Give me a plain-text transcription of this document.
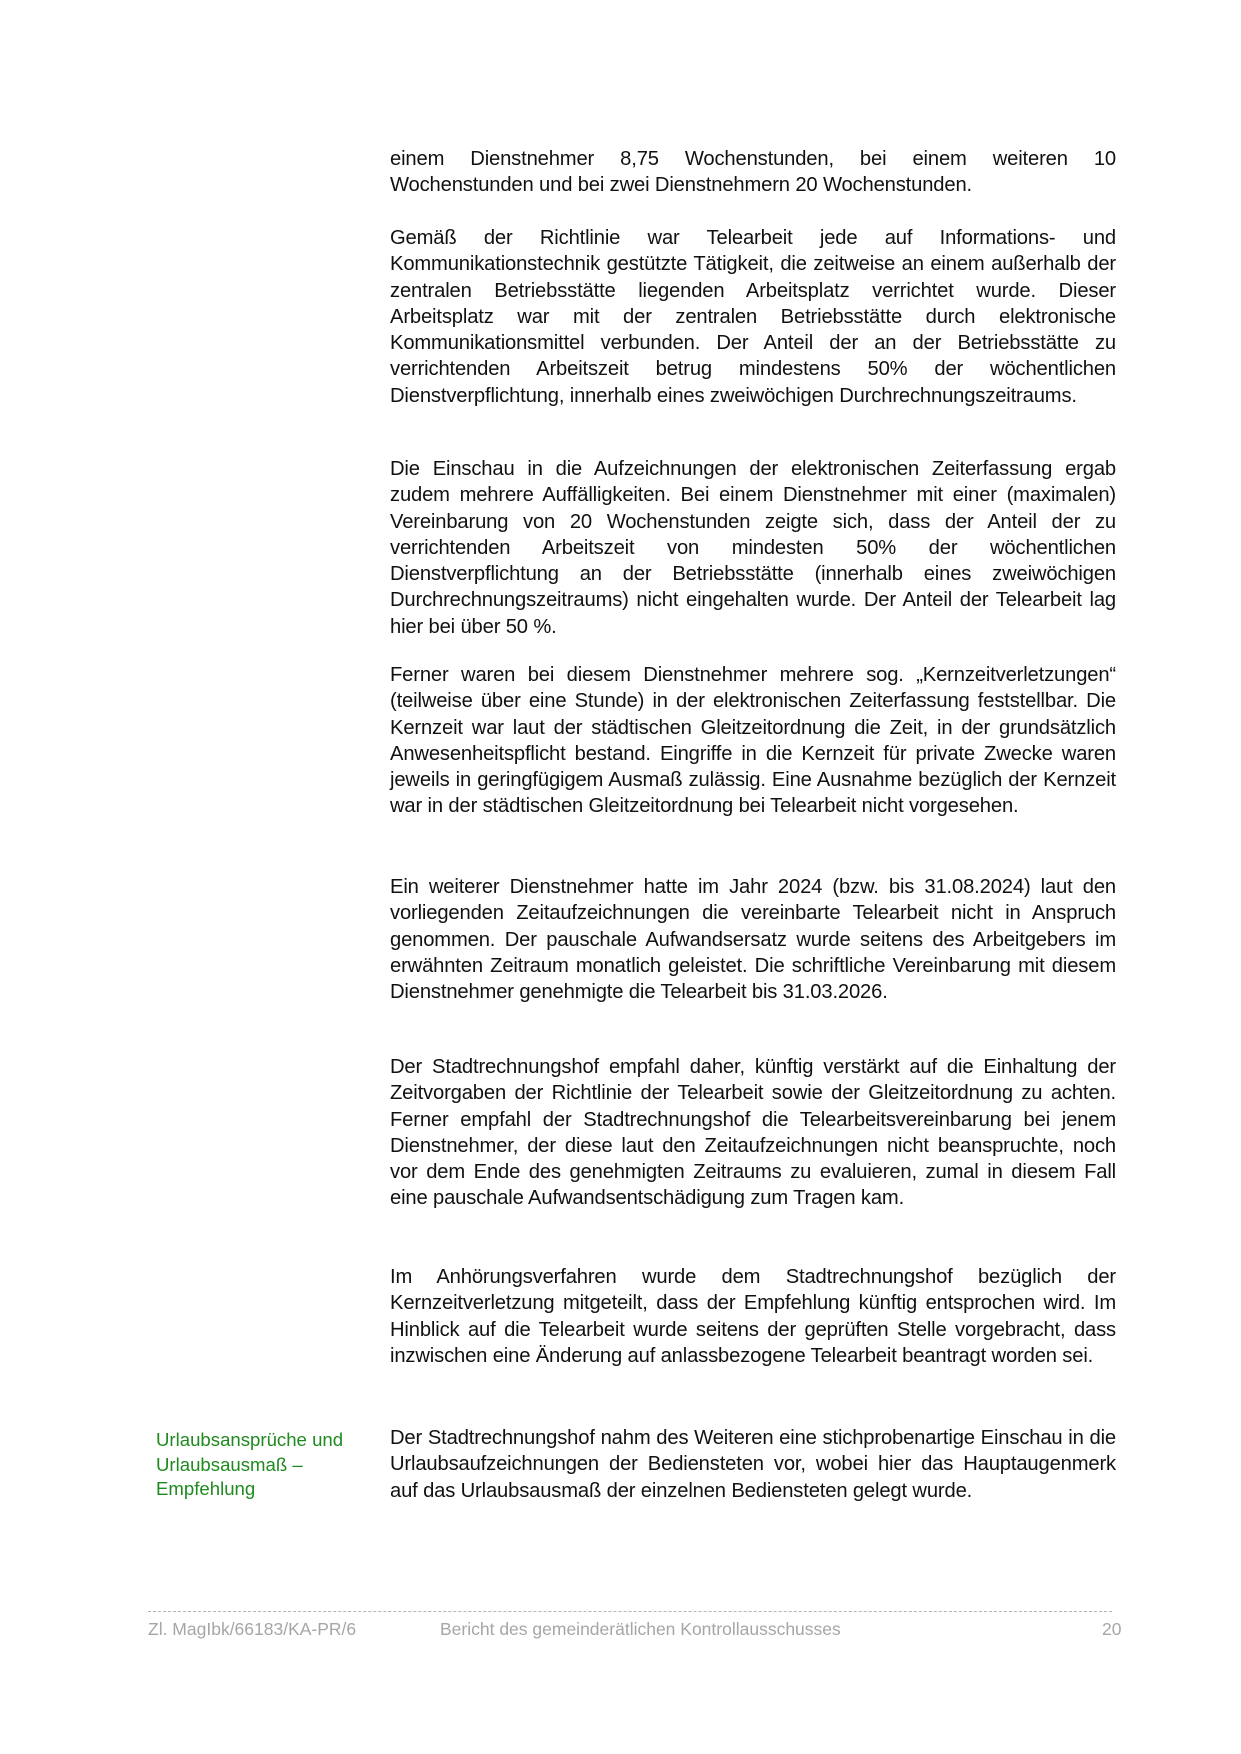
einem Dienstnehmer 8,75 Wochenstunden, bei einem weiteren 10 Wochenstunden und bei zwei Dienstnehmern 20 Wochenstunden.

Gemäß der Richtlinie war Telearbeit jede auf Informations- und Kommunikationstechnik gestützte Tätigkeit, die zeitweise an einem außerhalb der zentralen Betriebsstätte liegenden Arbeitsplatz verrichtet wurde. Dieser Arbeitsplatz war mit der zentralen Betriebsstätte durch elektronische Kommunikationsmittel verbunden. Der Anteil der an der Betriebsstätte zu verrichtenden Arbeitszeit betrug mindestens 50% der wöchentlichen Dienstverpflichtung, innerhalb eines zweiwöchigen Durchrechnungszeitraums.

Die Einschau in die Aufzeichnungen der elektronischen Zeiterfassung ergab zudem mehrere Auffälligkeiten. Bei einem Dienstnehmer mit einer (maximalen) Vereinbarung von 20 Wochenstunden zeigte sich, dass der Anteil der zu verrichtenden Arbeitszeit von mindesten 50% der wöchentlichen Dienstverpflichtung an der Betriebsstätte (innerhalb eines zweiwöchigen Durchrechnungszeitraums) nicht eingehalten wurde. Der Anteil der Telearbeit lag hier bei über 50 %.

Ferner waren bei diesem Dienstnehmer mehrere sog. „Kernzeitverletzungen“ (teilweise über eine Stunde) in der elektronischen Zeiterfassung feststellbar. Die Kernzeit war laut der städtischen Gleitzeitordnung die Zeit, in der grundsätzlich Anwesenheitspflicht bestand. Eingriffe in die Kernzeit für private Zwecke waren jeweils in geringfügigem Ausmaß zulässig. Eine Ausnahme bezüglich der Kernzeit war in der städtischen Gleitzeitordnung bei Telearbeit nicht vorgesehen.

Ein weiterer Dienstnehmer hatte im Jahr 2024 (bzw. bis 31.08.2024) laut den vorliegenden Zeitaufzeichnungen die vereinbarte Telearbeit nicht in Anspruch genommen. Der pauschale Aufwandsersatz wurde seitens des Arbeitgebers im erwähnten Zeitraum monatlich geleistet. Die schriftliche Vereinbarung mit diesem Dienstnehmer genehmigte die Telearbeit bis 31.03.2026.

Der Stadtrechnungshof empfahl daher, künftig verstärkt auf die Einhaltung der Zeitvorgaben der Richtlinie der Telearbeit sowie der Gleitzeitordnung zu achten. Ferner empfahl der Stadtrechnungshof die Telearbeitsvereinbarung bei jenem Dienstnehmer, der diese laut den Zeitaufzeichnungen nicht beanspruchte, noch vor dem Ende des genehmigten Zeitraums zu evaluieren, zumal in diesem Fall eine pauschale Aufwandsentschädigung zum Tragen kam.

Im Anhörungsverfahren wurde dem Stadtrechnungshof bezüglich der Kernzeitverletzung mitgeteilt, dass der Empfehlung künftig entsprochen wird. Im Hinblick auf die Telearbeit wurde seitens der geprüften Stelle vorgebracht, dass inzwischen eine Änderung auf anlassbezogene Telearbeit beantragt worden sei.

Der Stadtrechnungshof nahm des Weiteren eine stichprobenartige Einschau in die Urlaubsaufzeichnungen der Bediensteten vor, wobei hier das Hauptaugenmerk auf das Urlaubsausmaß der einzelnen Bediensteten gelegt wurde.

Urlaubsansprüche und
Urlaubsausmaß –
Empfehlung
Zl. MagIbk/66183/KA-PR/6	Bericht des gemeinderätlichen Kontrollausschusses	20
